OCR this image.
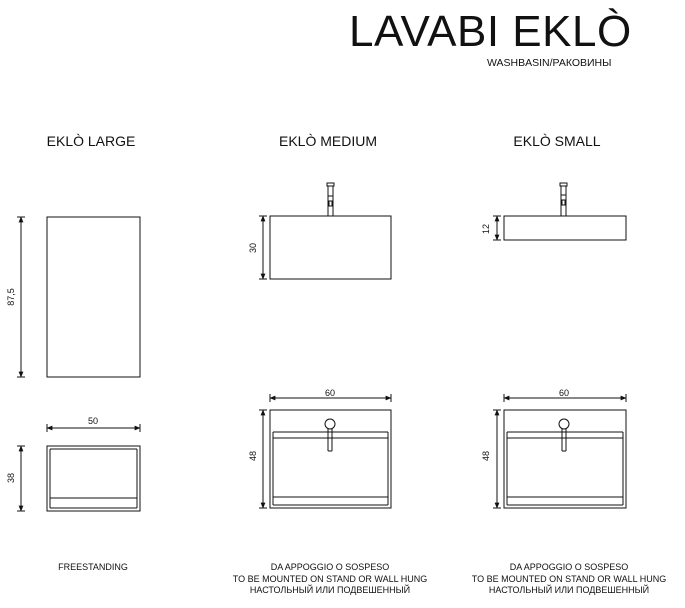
LAVABI EKLÒ
WASHBASIN/РАКОВИНЫ
EKLÒ LARGE	EKLÒ MEDIUM	EKLÒ SMALL
87,5
50
38
30
60
48
12
60
48
FREESTANDING	DA APPOGGIO O SOSPESO
TO BE MOUNTED ON STAND OR WALL HUNG
НАСТОЛЬНЫЙ ИЛИ ПОДВЕШЕННЫЙ
DA APPOGGIO O SOSPESO
TO BE MOUNTED ON STAND OR WALL HUNG
НАСТОЛЬНЫЙ ИЛИ ПОДВЕШЕННЫЙ
